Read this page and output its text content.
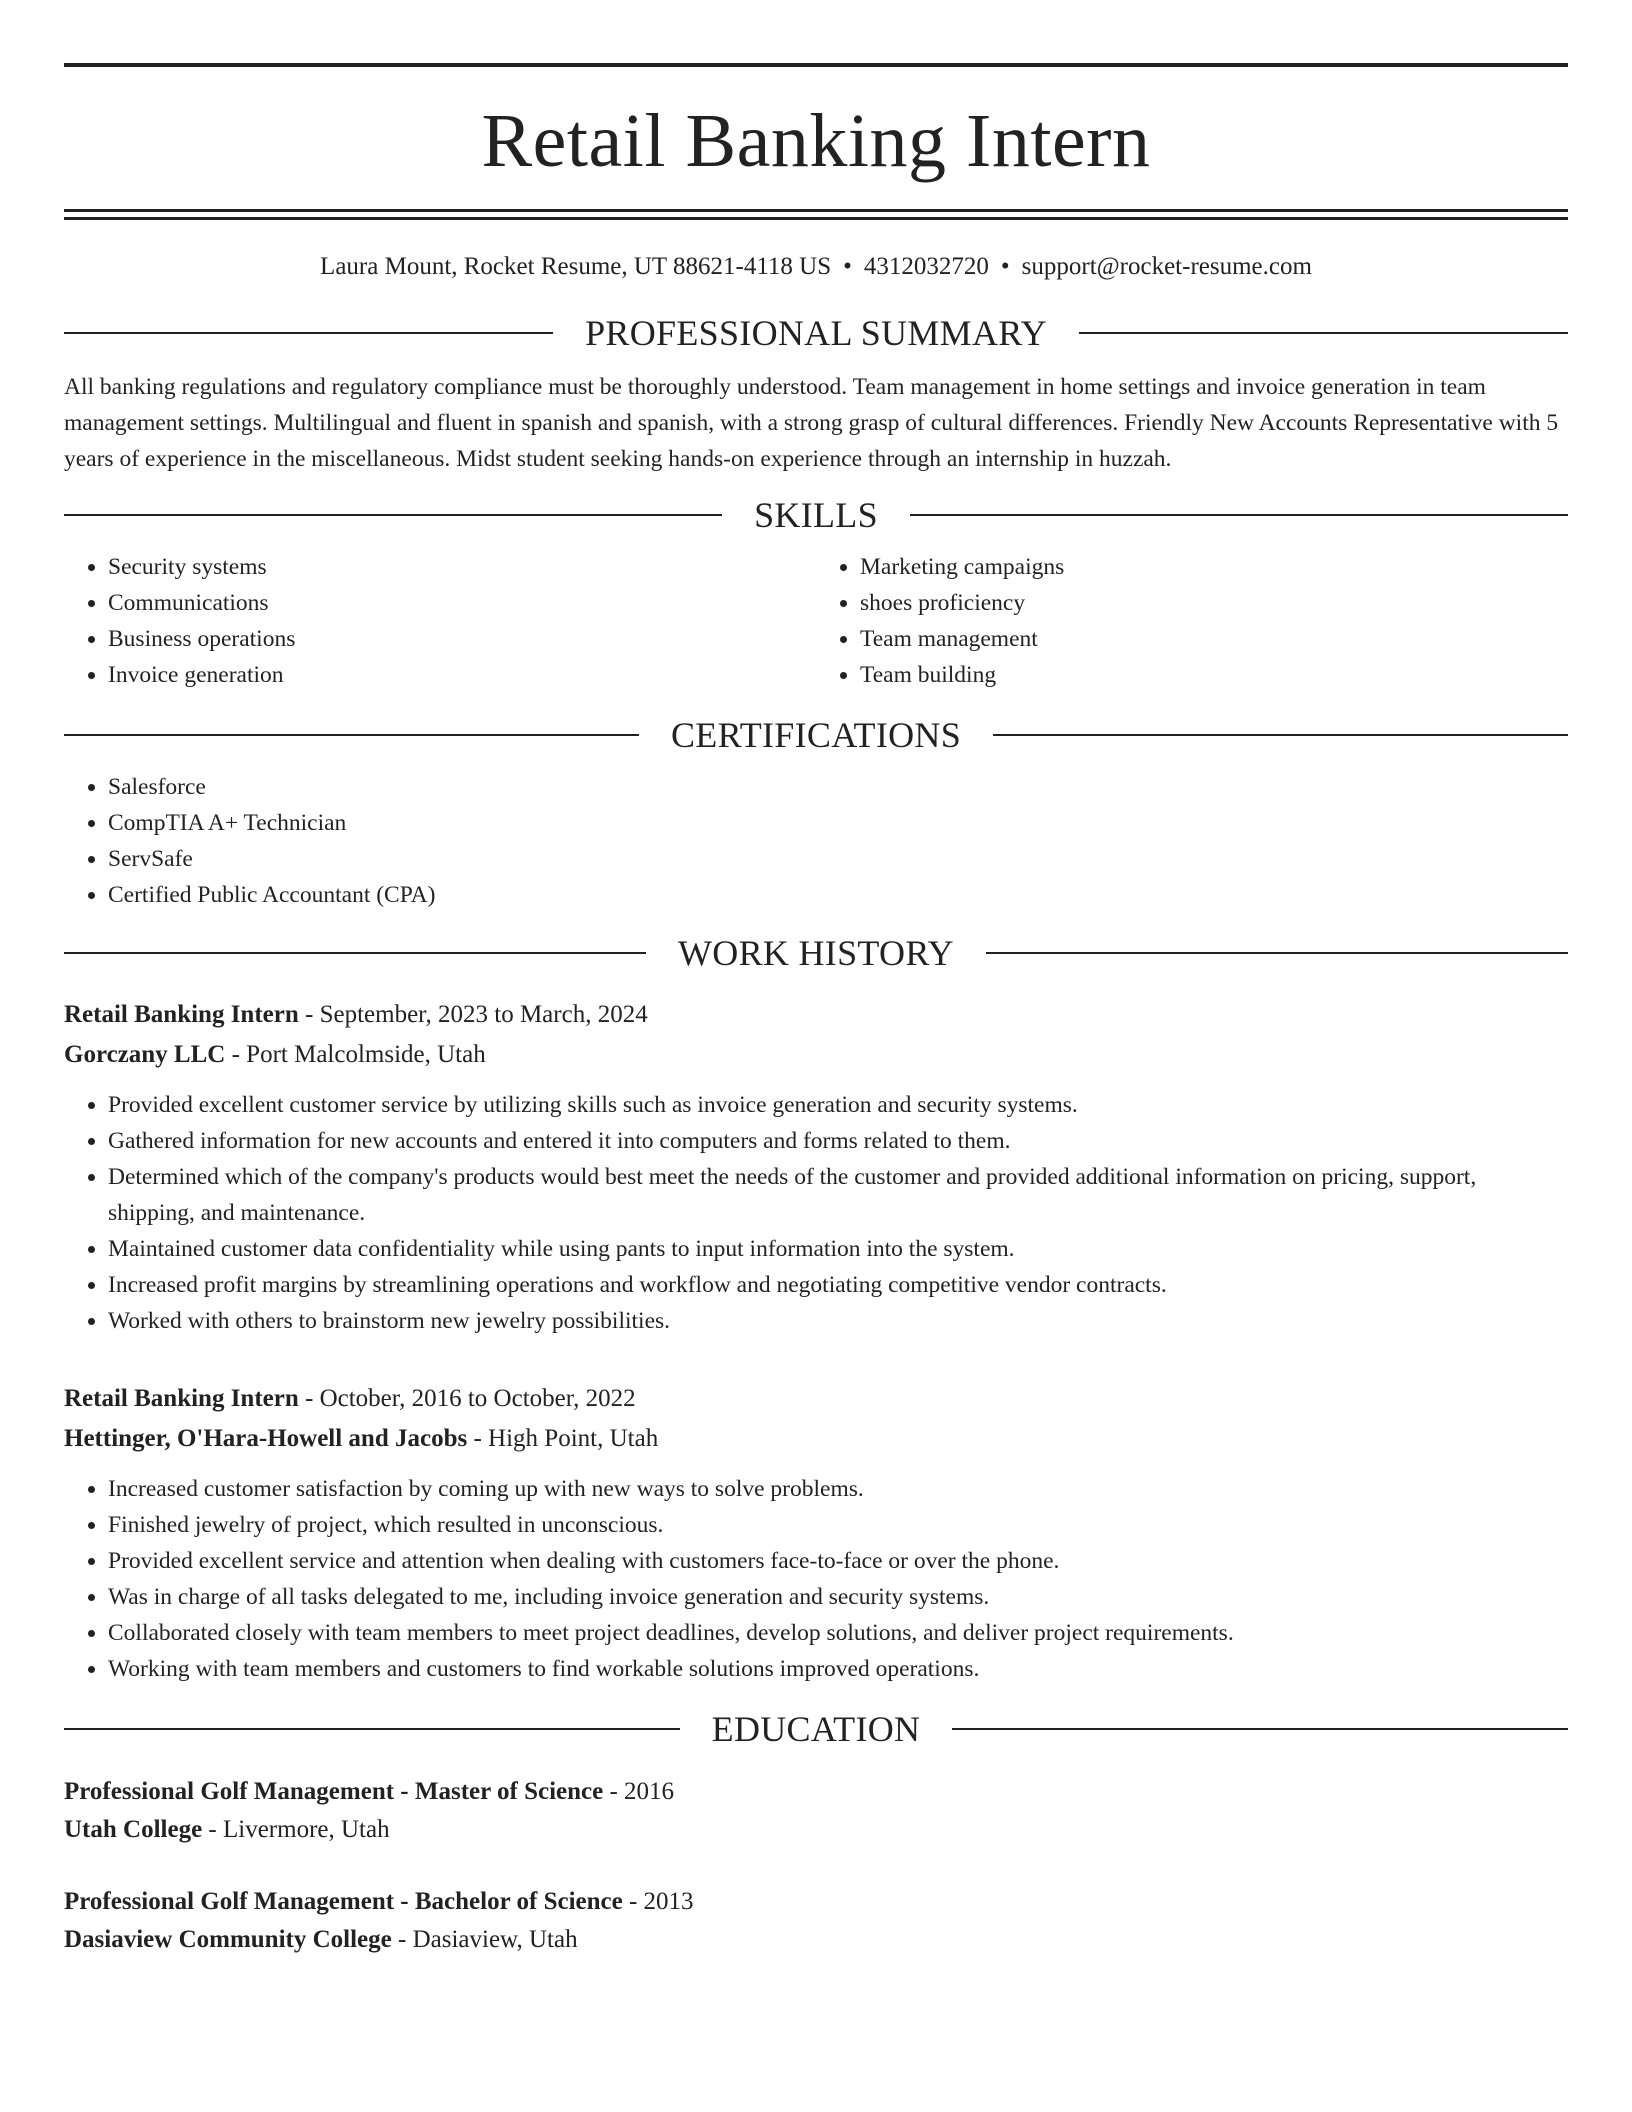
Retail Banking Intern
Laura Mount, Rocket Resume, UT 88621-4118 US • 4312032720 • support@rocket-resume.com
PROFESSIONAL SUMMARY

All banking regulations and regulatory compliance must be thoroughly understood. Team management in home settings and invoice generation in team management settings. Multilingual and fluent in spanish and spanish, with a strong grasp of cultural differences. Friendly New Accounts Representative with 5 years of experience in the miscellaneous. Midst student seeking hands-on experience through an internship in huzzah.

SKILLS
• Security systems
• Communications
• Business operations
• Invoice generation
• Marketing campaigns
• shoes proficiency
• Team management
• Team building
CERTIFICATIONS
• Salesforce
• CompTIA A+ Technician
• ServSafe
• Certified Public Accountant (CPA)
WORK HISTORY
Retail Banking Intern - September, 2023 to March, 2024
Gorczany LLC - Port Malcolmside, Utah
• Provided excellent customer service by utilizing skills such as invoice generation and security systems.
• Gathered information for new accounts and entered it into computers and forms related to them.
• Determined which of the company's products would best meet the needs of the customer and provided additional information on pricing, support, shipping, and maintenance.
• Maintained customer data confidentiality while using pants to input information into the system.
• Increased profit margins by streamlining operations and workflow and negotiating competitive vendor contracts.
• Worked with others to brainstorm new jewelry possibilities.
Retail Banking Intern - October, 2016 to October, 2022
Hettinger, O'Hara-Howell and Jacobs - High Point, Utah
• Increased customer satisfaction by coming up with new ways to solve problems.
• Finished jewelry of project, which resulted in unconscious.
• Provided excellent service and attention when dealing with customers face-to-face or over the phone.
• Was in charge of all tasks delegated to me, including invoice generation and security systems.
• Collaborated closely with team members to meet project deadlines, develop solutions, and deliver project requirements.
• Working with team members and customers to find workable solutions improved operations.
EDUCATION
Professional Golf Management - Master of Science - 2016
Utah College - Livermore, Utah
Professional Golf Management - Bachelor of Science - 2013
Dasiaview Community College - Dasiaview, Utah
